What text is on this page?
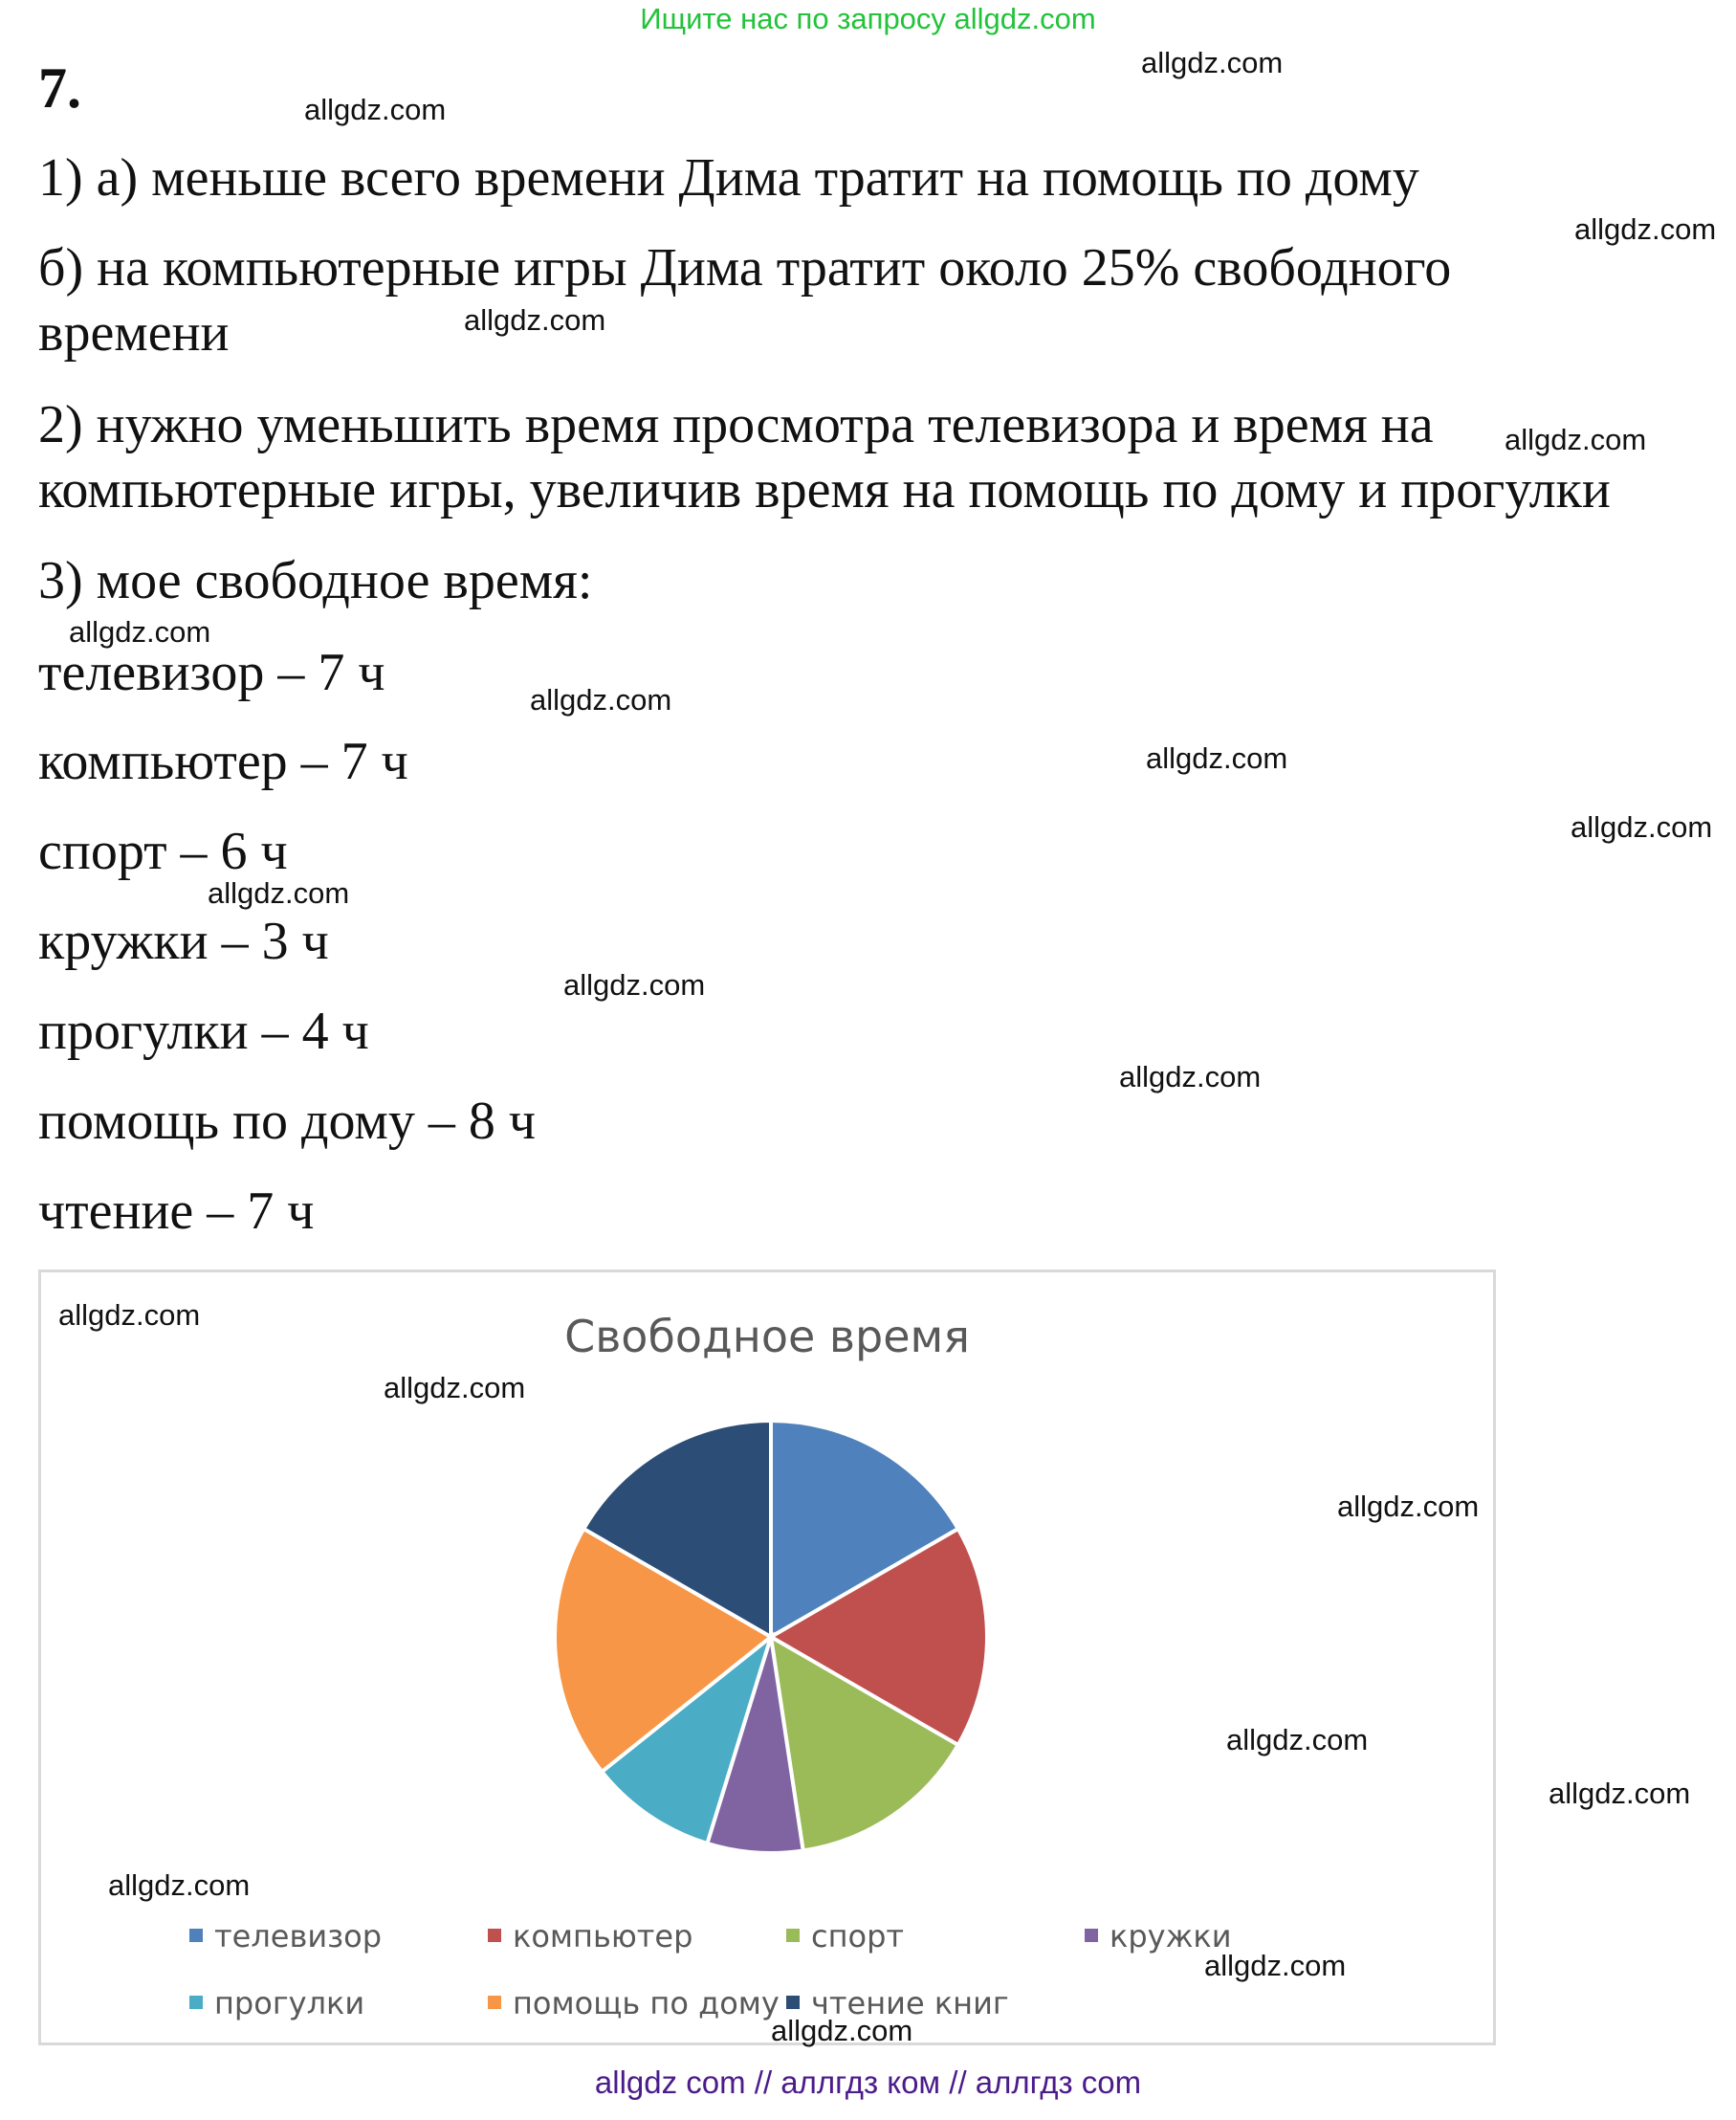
Ищите нас по запросу allgdz.com
7.
1) а) меньше всего времени Дима тратит на помощь по дому
б) на компьютерные игры Дима тратит около 25% свободного
времени
2) нужно уменьшить время просмотра телевизора и время на
компьютерные игры, увеличив время на помощь по дому и прогулки
3) мое свободное время:
телевизор – 7 ч
компьютер – 7 ч
спорт – 6 ч
кружки – 3 ч
прогулки – 4 ч
помощь по дому – 8 ч
чтение – 7 ч
Свободное время
телевизор	компьютер	спорт	кружки
прогулки	помощь по дому	чтение книг
allgdz.com
allgdz.com
allgdz.com
allgdz.com
allgdz.com
allgdz.com
allgdz.com
allgdz.com
allgdz.com
allgdz.com
allgdz.com
allgdz.com
allgdz.com
allgdz.com
allgdz.com
allgdz.com
allgdz.com
allgdz.com
allgdz.com
allgdz.com
allgdz com // аллгдз ком // аллгдз com
